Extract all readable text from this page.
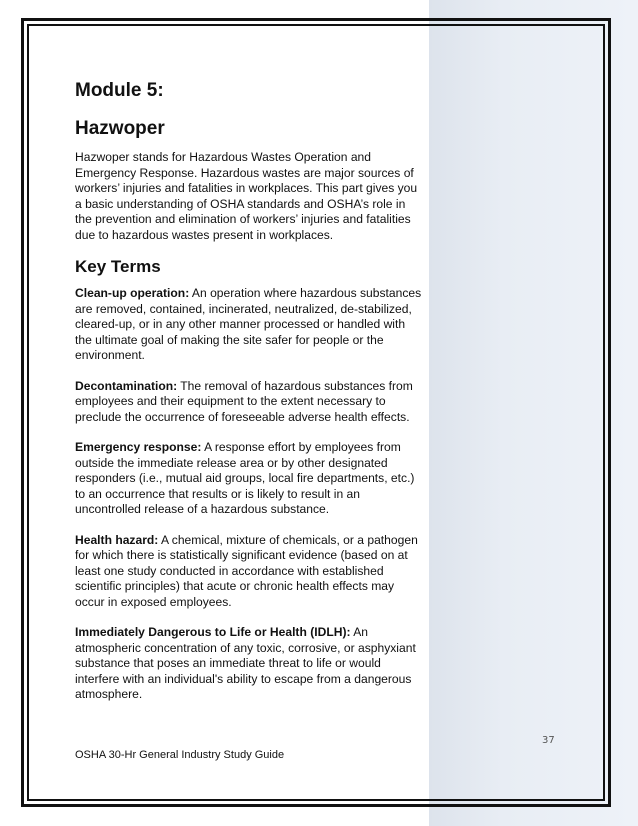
Module 5:
Hazwoper

Hazwoper stands for Hazardous Wastes Operation and Emergency Response. Hazardous wastes are major sources of workers’ injuries and fatalities in workplaces. This part gives you a basic understanding of OSHA standards and OSHA’s role in the prevention and elimination of workers’ injuries and fatalities due to hazardous wastes present in workplaces.

Key Terms

Clean-up operation: An operation where hazardous substances are removed, contained, incinerated, neutralized, de-stabilized, cleared-up, or in any other manner processed or handled with the ultimate goal of making the site safer for people or the environment.

Decontamination: The removal of hazardous substances from employees and their equipment to the extent necessary to preclude the occurrence of foreseeable adverse health effects.

Emergency response: A response effort by employees from outside the immediate release area or by other designated responders (i.e., mutual aid groups, local fire departments, etc.) to an occurrence that results or is likely to result in an uncontrolled release of a hazardous substance.

Health hazard: A chemical, mixture of chemicals, or a pathogen for which there is statistically significant evidence (based on at least one study conducted in accordance with established scientific principles) that acute or chronic health effects may occur in exposed employees.

Immediately Dangerous to Life or Health (IDLH): An atmospheric concentration of any toxic, corrosive, or asphyxiant substance that poses an immediate threat to life or would interfere with an individual's ability to escape from a dangerous atmosphere.

37
OSHA 30-Hr General Industry Study Guide
